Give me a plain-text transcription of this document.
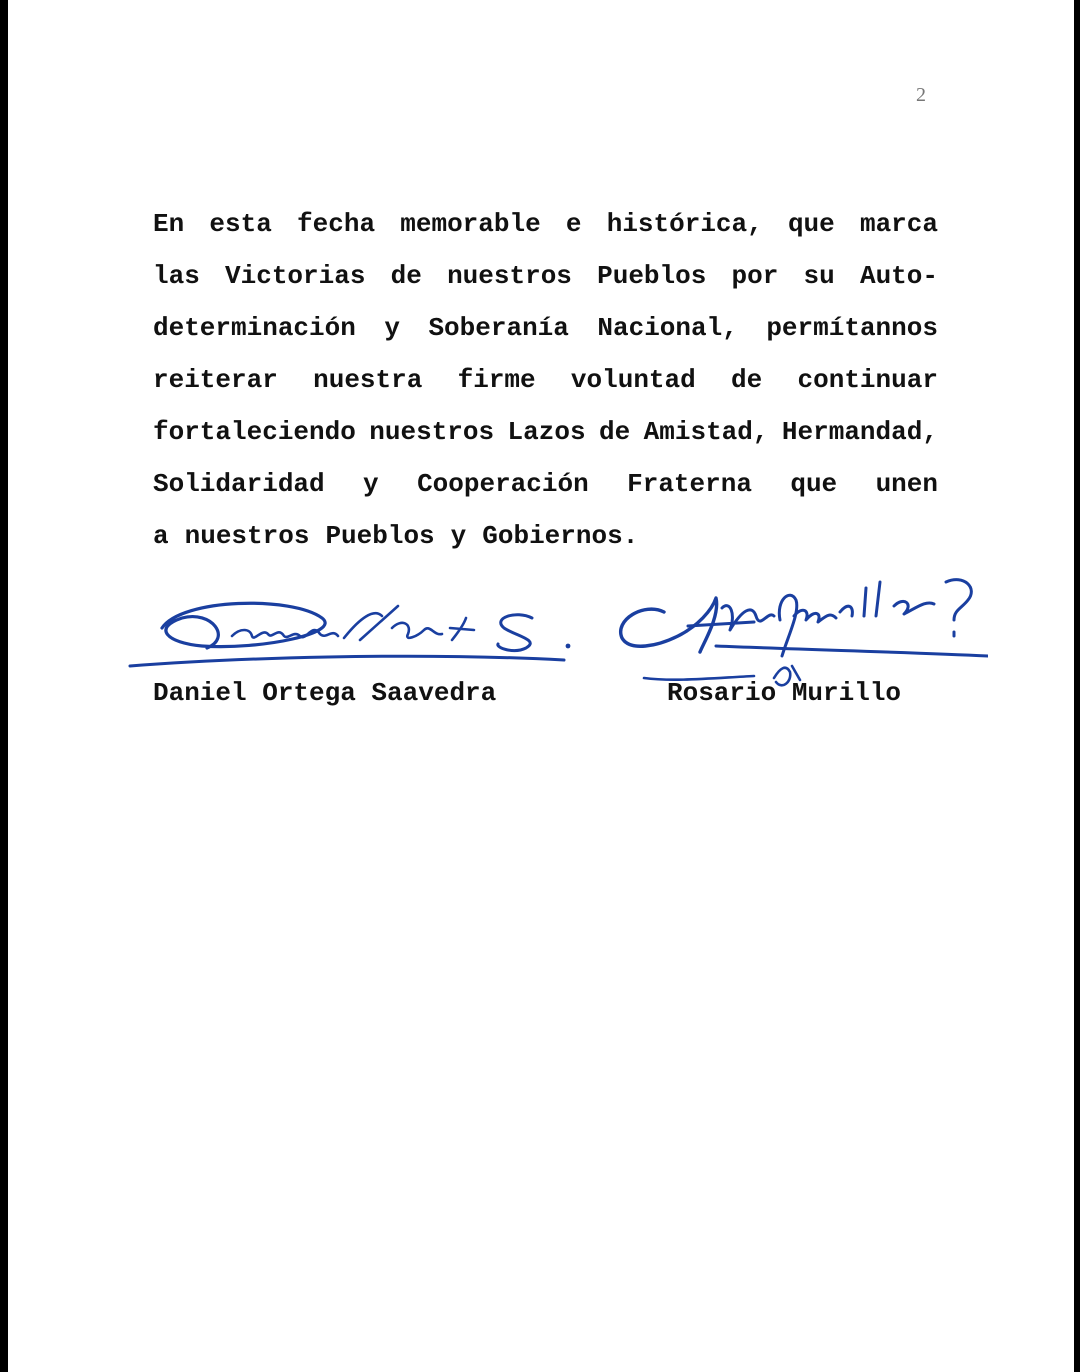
2
En esta fecha memorable e histórica, que marca
las Victorias de nuestros Pueblos por su Auto-
determinación y Soberanía Nacional, permítannos
reiterar nuestra firme voluntad de continuar
fortaleciendo nuestros Lazos de Amistad, Hermandad,
Solidaridad y Cooperación Fraterna que unen
a nuestros Pueblos y Gobiernos.
Daniel Ortega Saavedra	Rosario Murillo
